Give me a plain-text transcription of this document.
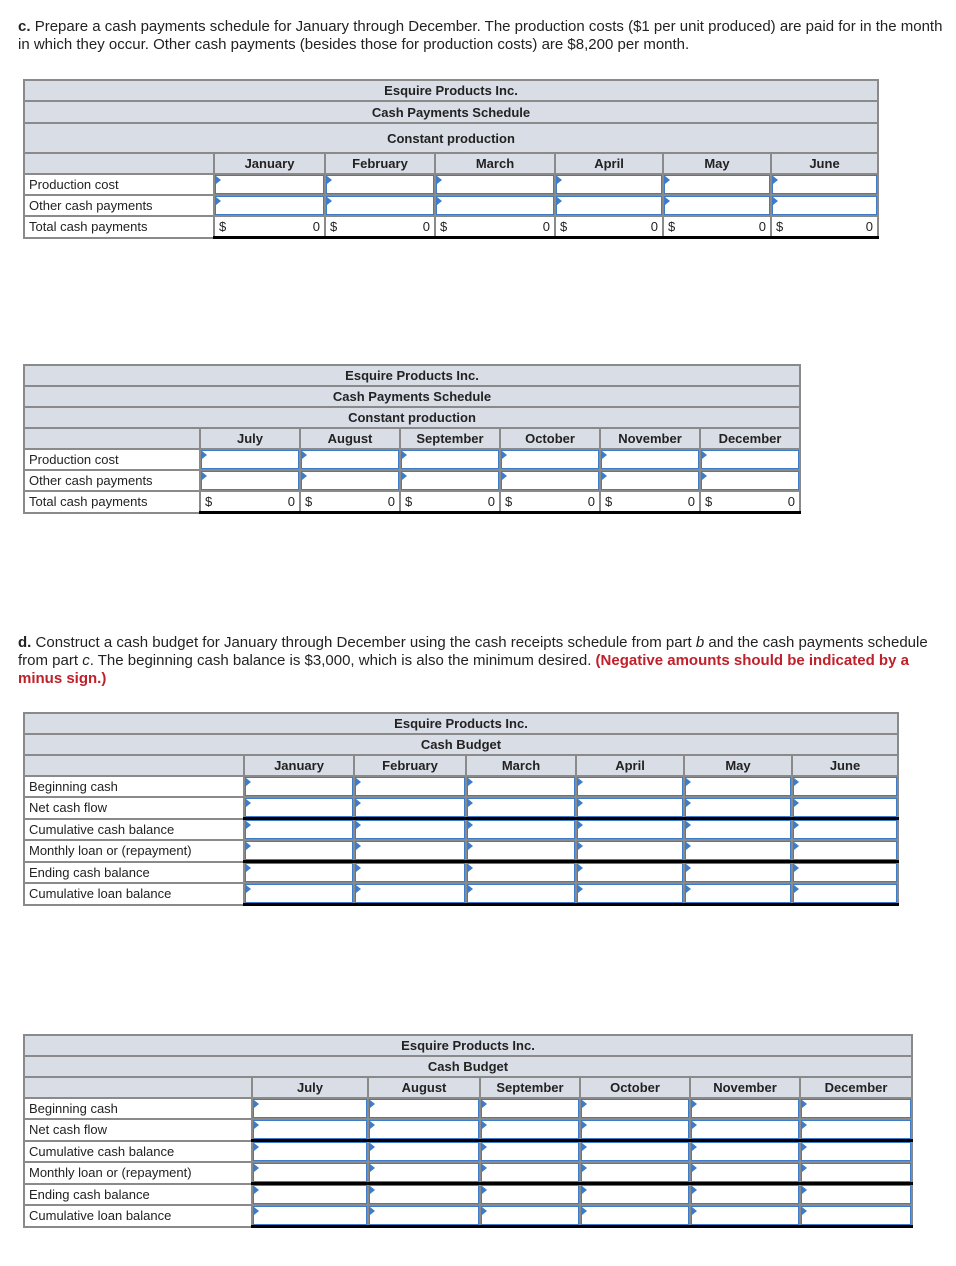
c. Prepare a cash payments schedule for January through December. The production costs ($1 per unit produced) are paid for in the month in which they occur. Other cash payments (besides those for production costs) are $8,200 per month.
d. Construct a cash budget for January through December using the cash receipts schedule from part b and the cash payments schedule from part c. The beginning cash balance is $3,000, which is also the minimum desired. (Negative amounts should be indicated by a minus sign.)
Esquire Products Inc.						
Cash Payments Schedule						
Constant production						
	January	February	March	April	May	June
Production cost	

Other cash payments	

Total cash payments	$ 0	$ 0	$ 0	$ 0	$ 0	$ 0
Esquire Products Inc.						
Cash Payments Schedule						
Constant production						
	July	August	September	October	November	December
Production cost	

Other cash payments	

Total cash payments	$ 0	$ 0	$ 0	$ 0	$ 0	$ 0
Esquire Products Inc.						
Cash Budget						
	January	February	March	April	May	June
Beginning cash	

Net cash flow	

Cumulative cash balance	

Monthly loan or (repayment)	

Ending cash balance	

Cumulative loan balance	

Esquire Products Inc.						
Cash Budget						
	July	August	September	October	November	December
Beginning cash	

Net cash flow	

Cumulative cash balance	

Monthly loan or (repayment)	

Ending cash balance	

Cumulative loan balance	
